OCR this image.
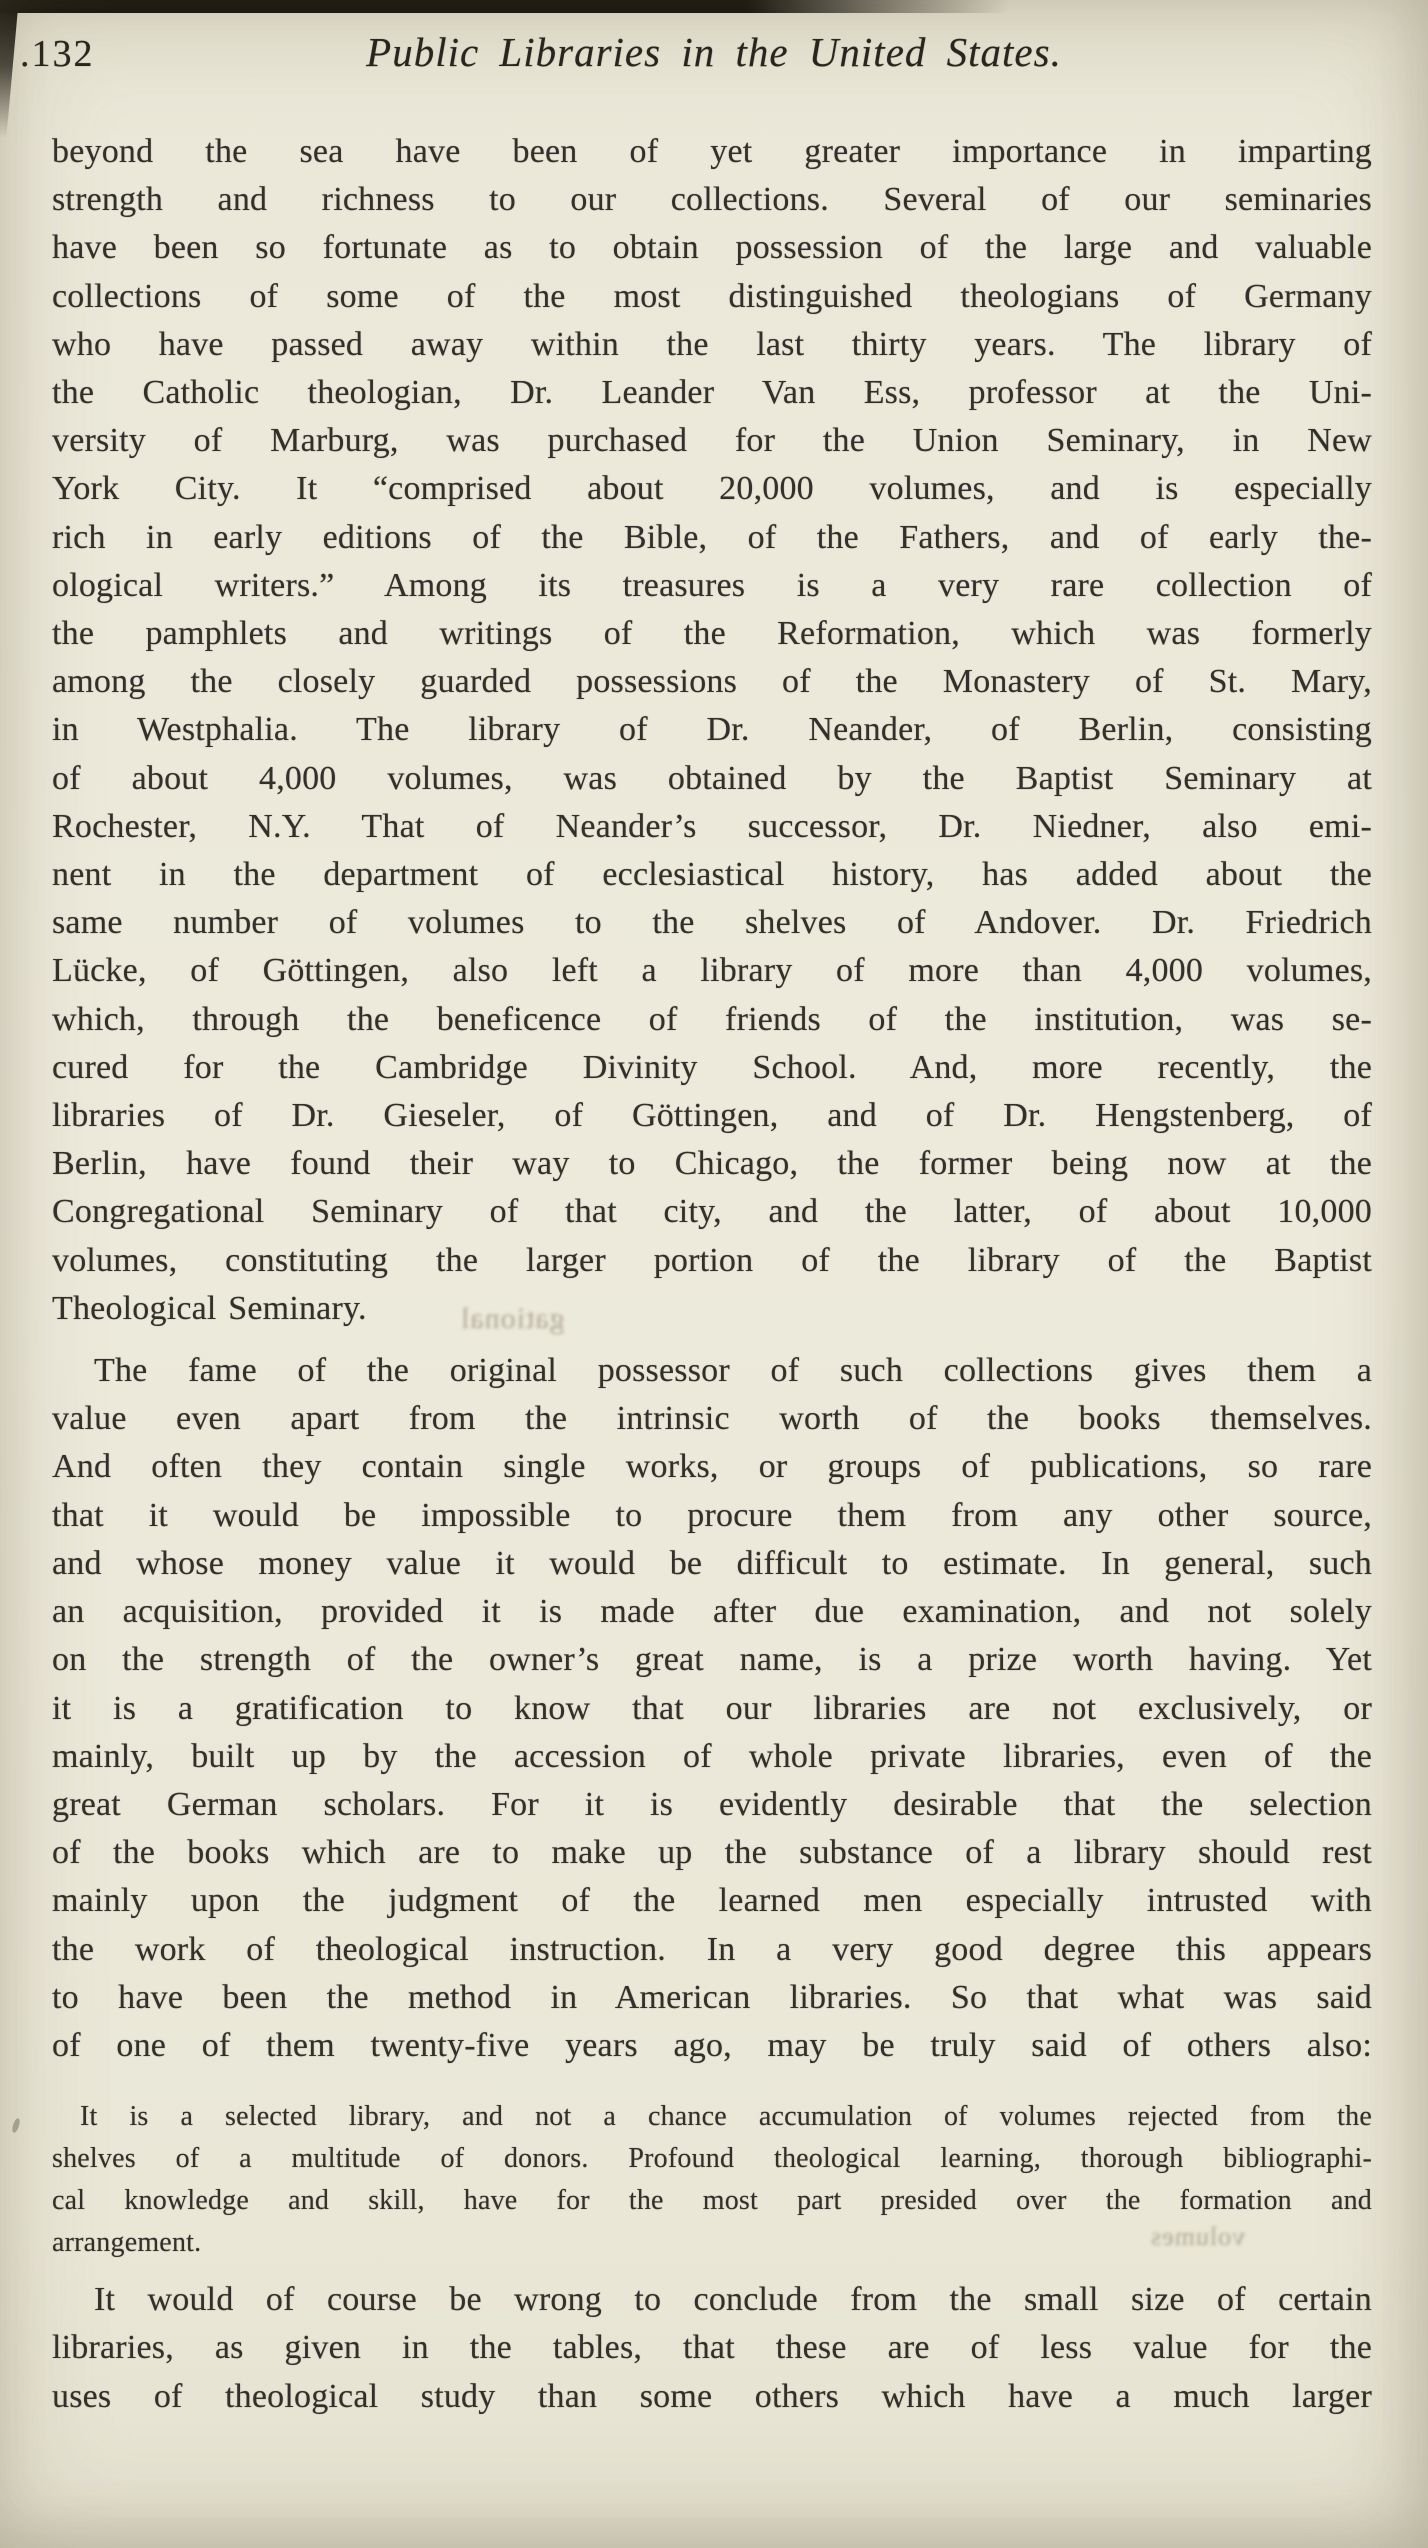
.132	Public Libraries in the United States.
beyond the sea have been of yet greater importance in imparting
strength and richness to our collections. Several of our seminaries
have been so fortunate as to obtain possession of the large and valuable
collections of some of the most distinguished theologians of Germany
who have passed away within the last thirty years. The library of
the Catholic theologian, Dr. Leander Van Ess, professor at the Uni-
versity of Marburg, was purchased for the Union Seminary, in New
York City. It “comprised about 20,000 volumes, and is especially
rich in early editions of the Bible, of the Fathers, and of early the-
ological writers.” Among its treasures is a very rare collection of
the pamphlets and writings of the Reformation, which was formerly
among the closely guarded possessions of the Monastery of St. Mary,
in Westphalia. The library of Dr. Neander, of Berlin, consisting
of about 4,000 volumes, was obtained by the Baptist Seminary at
Rochester, N.Y. That of Neander’s successor, Dr. Niedner, also emi-
nent in the department of ecclesiastical history, has added about the
same number of volumes to the shelves of Andover. Dr. Friedrich
Lücke, of Göttingen, also left a library of more than 4,000 volumes,
which, through the beneficence of friends of the institution, was se-
cured for the Cambridge Divinity School. And, more recently, the
libraries of Dr. Gieseler, of Göttingen, and of Dr. Hengstenberg, of
Berlin, have found their way to Chicago, the former being now at the
Congregational Seminary of that city, and the latter, of about 10,000
volumes, constituting the larger portion of the library of the Baptist
Theological Seminary.
The fame of the original possessor of such collections gives them a
value even apart from the intrinsic worth of the books themselves.
And often they contain single works, or groups of publications, so rare
that it would be impossible to procure them from any other source,
and whose money value it would be difficult to estimate. In general, such
an acquisition, provided it is made after due examination, and not solely
on the strength of the owner’s great name, is a prize worth having. Yet
it is a gratification to know that our libraries are not exclusively, or
mainly, built up by the accession of whole private libraries, even of the
great German scholars. For it is evidently desirable that the selection
of the books which are to make up the substance of a library should rest
mainly upon the judgment of the learned men especially intrusted with
the work of theological instruction. In a very good degree this appears
to have been the method in American libraries. So that what was said
of one of them twenty-five years ago, may be truly said of others also:
It is a selected library, and not a chance accumulation of volumes rejected from the
shelves of a multitude of donors. Profound theological learning, thorough bibliographi-
cal knowledge and skill, have for the most part presided over the formation and
arrangement.
It would of course be wrong to conclude from the small size of certain
libraries, as given in the tables, that these are of less value for the
uses of theological study than some others which have a much larger
gational
volumes
